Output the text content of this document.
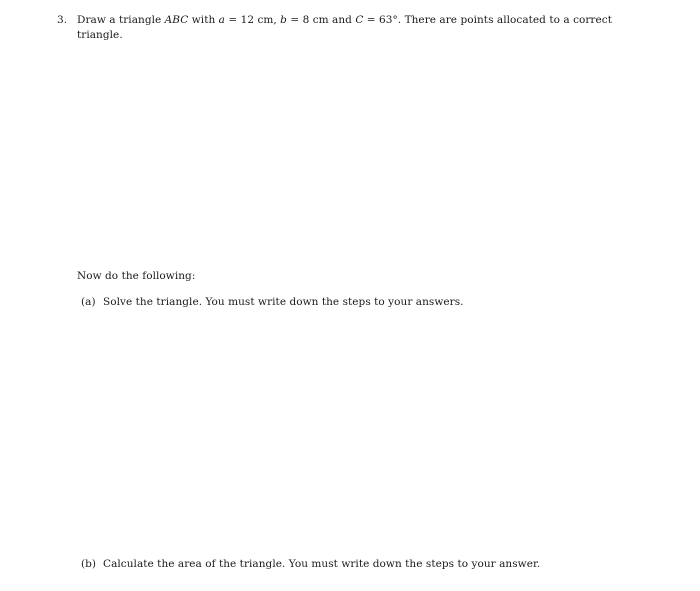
3. Draw a triangle ABC with a = 12 cm, b = 8 cm and C = 63°. There are points allocated to a correct
triangle.
Now do the following:
(a) Solve the triangle. You must write down the steps to your answers.
(b) Calculate the area of the triangle. You must write down the steps to your answer.
